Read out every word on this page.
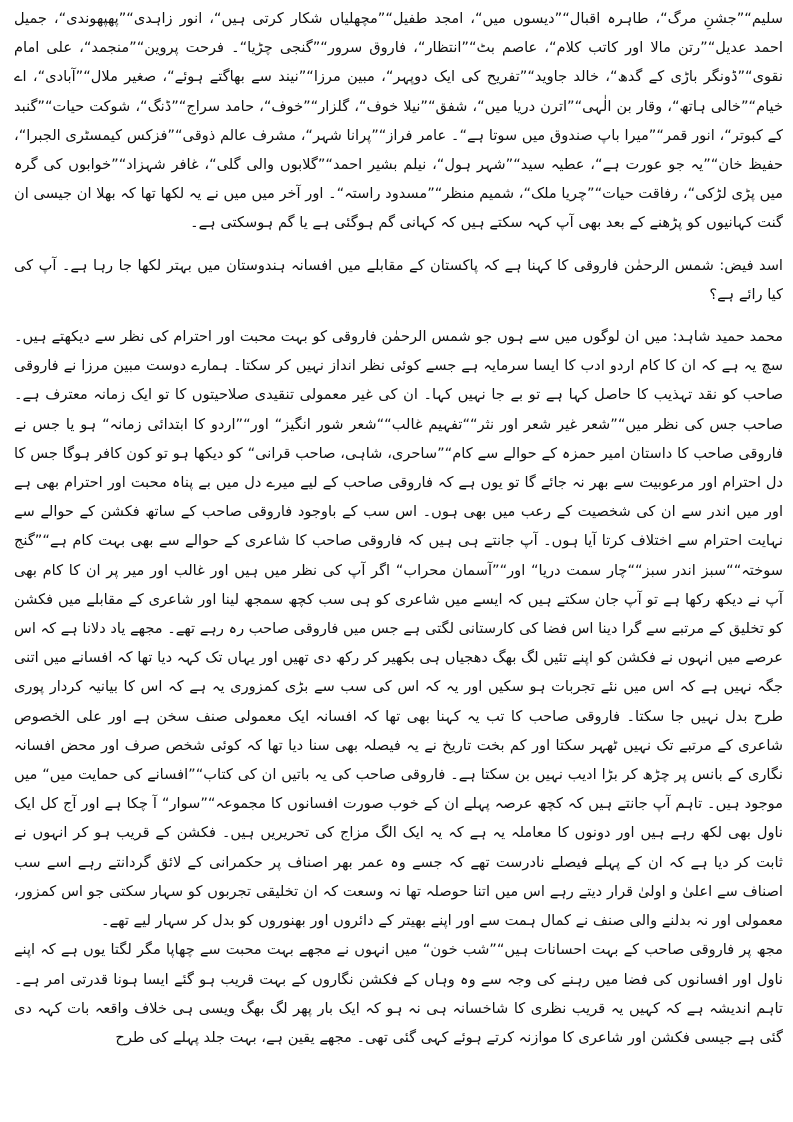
سلیم“”جشنِ مرگ“، طاہرہ اقبال“”دیسوں میں“، امجد طفیل“”مچھلیاں شکار کرتی ہیں“، انور زاہدی“”پھپھوندی“، جمیل احمد عدیل“”رتن مالا اور کاتب کلام“، عاصم بٹ“”انتظار“، فاروق سرور“”گنجی چڑیا“۔ فرحت پروین“”منجمد“، علی امام نقوی“”ڈونگر باڑی کے گدھ“، خالد جاوید“”تفریح کی ایک دوپہر“، مبین مرزا“”نیند سے بھاگتے ہوئے“، صغیر ملال“”آبادی“، اے خیام“”خالی ہاتھ“، وقار بن الٰہی“”اترن دریا میں“، شفق“”نیلا خوف“، گلزار“”خوف“، حامد سراج“”ڈنگ“، شوکت حیات“”گنبد کے کبوتر“، انور قمر“”میرا باپ صندوق میں سوتا ہے“۔ عامر فراز“”پرانا شہر“، مشرف عالم ذوقی“”فزکس کیمسٹری الجبرا“، حفیظ خان“”یہ جو عورت ہے“، عطیہ سید“”شہر ہول“، نیلم بشیر احمد“”گلابوں والی گلی“، غافر شہزاد“”خوابوں کی گرہ میں پڑی لڑکی“، رفاقت حیات“”چریا ملک“، شمیم منظر“”مسدود راستہ“۔ اور آخر میں میں نے یہ لکھا تھا کہ بھلا ان جیسی ان گنت کہانیوں کو پڑھنے کے بعد بھی آپ کہہ سکتے ہیں کہ کہانی گم ہوگئی ہے یا گم ہوسکتی ہے۔

اسد فیض: شمس الرحمٰن فاروقی کا کہنا ہے کہ پاکستان کے مقابلے میں افسانہ ہندوستان میں بہتر لکھا جا رہا ہے۔ آپ کی کیا رائے ہے؟

محمد حمید شاہد: میں ان لوگوں میں سے ہوں جو شمس الرحمٰن فاروقی کو بہت محبت اور احترام کی نظر سے دیکھتے ہیں۔ سچ یہ ہے کہ ان کا کام اردو ادب کا ایسا سرمایہ ہے جسے کوئی نظر انداز نہیں کر سکتا۔ ہمارے دوست مبین مرزا نے فاروقی صاحب کو نقد تہذیب کا حاصل کہا ہے تو بے جا نہیں کہا۔ ان کی غیر معمولی تنقیدی صلاحیتوں کا تو ایک زمانہ معترف ہے۔ صاحب جس کی نظر میں“”شعر غیر شعر اور نثر““تفہیم غالب““شعر شور انگیز“ اور“”اردو کا ابتدائی زمانہ“ ہو یا جس نے فاروقی صاحب کا داستان امیر حمزہ کے حوالے سے کام“”ساحری، شاہی، صاحب قرانی“ کو دیکھا ہو تو کون کافر ہوگا جس کا دل احترام اور مرعوبیت سے بھر نہ جائے گا تو یوں ہے کہ فاروقی صاحب کے لیے میرے دل میں بے پناہ محبت اور احترام بھی ہے اور میں اندر سے ان کی شخصیت کے رعب میں بھی ہوں۔ اس سب کے باوجود فاروقی صاحب کے ساتھ فکشن کے حوالے سے نہایت احترام سے اختلاف کرتا آیا ہوں۔ آپ جانتے ہی ہیں کہ فاروقی صاحب کا شاعری کے حوالے سے بھی بہت کام ہے“”گنج سوختہ““سبز اندر سبز““چار سمت دریا“ اور“”آسمان محراب“ اگر آپ کی نظر میں ہیں اور غالب اور میر پر ان کا کام بھی آپ نے دیکھ رکھا ہے تو آپ جان سکتے ہیں کہ ایسے میں شاعری کو ہی سب کچھ سمجھ لینا اور شاعری کے مقابلے میں فکشن کو تخلیق کے مرتبے سے گرا دینا اس فضا کی کارستانی لگتی ہے جس میں فاروقی صاحب رہ رہے تھے۔ مجھے یاد دلانا ہے کہ اس عرصے میں انہوں نے فکشن کو اپنے تئیں لگ بھگ دھجیاں ہی بکھیر کر رکھ دی تھیں اور یہاں تک کہہ دیا تھا کہ افسانے میں اتنی جگہ نہیں ہے کہ اس میں نئے تجربات ہو سکیں اور یہ کہ اس کی سب سے بڑی کمزوری یہ ہے کہ اس کا بیانیہ کردار پوری طرح بدل نہیں جا سکتا۔ فاروقی صاحب کا تب یہ کہنا بھی تھا کہ افسانہ ایک معمولی صنف سخن ہے اور علی الخصوص شاعری کے مرتبے تک نہیں ٹھہر سکتا اور کم بخت تاریخ نے یہ فیصلہ بھی سنا دیا تھا کہ کوئی شخص صرف اور محض افسانہ نگاری کے بانس پر چڑھ کر بڑا ادیب نہیں بن سکتا ہے۔ فاروقی صاحب کی یہ باتیں ان کی کتاب“”افسانے کی حمایت میں“ میں موجود ہیں۔ تاہم آپ جانتے ہیں کہ کچھ عرصہ پہلے ان کے خوب صورت افسانوں کا مجموعہ“”سوار“ آ چکا ہے اور آج کل ایک ناول بھی لکھ رہے ہیں اور دونوں کا معاملہ یہ ہے کہ یہ ایک الگ مزاج کی تحریریں ہیں۔ فکشن کے قریب ہو کر انہوں نے ثابت کر دیا ہے کہ ان کے پہلے فیصلے نادرست تھے کہ جسے وہ عمر بھر اصناف پر حکمرانی کے لائق گردانتے رہے اسے سب اصناف سے اعلیٰ و اولیٰ قرار دیتے رہے اس میں اتنا حوصلہ تھا نہ وسعت کہ ان تخلیقی تجربوں کو سہار سکتی جو اس کمزور، معمولی اور نہ بدلنے والی صنف نے کمال ہمت سے اور اپنے بھیتر کے دائروں اور بھنوروں کو بدل کر سہار لیے تھے۔

مجھ پر فاروقی صاحب کے بہت احسانات ہیں“”شب خون“ میں انہوں نے مجھے بہت محبت سے چھاپا مگر لگتا یوں ہے کہ اپنے ناول اور افسانوں کی فضا میں رہنے کی وجہ سے وہ وہاں کے فکشن نگاروں کے بہت قریب ہو گئے ایسا ہونا قدرتی امر ہے۔ تاہم اندیشہ ہے کہ کہیں یہ قریب نظری کا شاخسانہ ہی نہ ہو کہ ایک بار پھر لگ بھگ ویسی ہی خلاف واقعہ بات کہہ دی گئی ہے جیسی فکشن اور شاعری کا موازنہ کرتے ہوئے کہی گئی تھی۔ مجھے یقین ہے، بہت جلد پہلے کی طرح
